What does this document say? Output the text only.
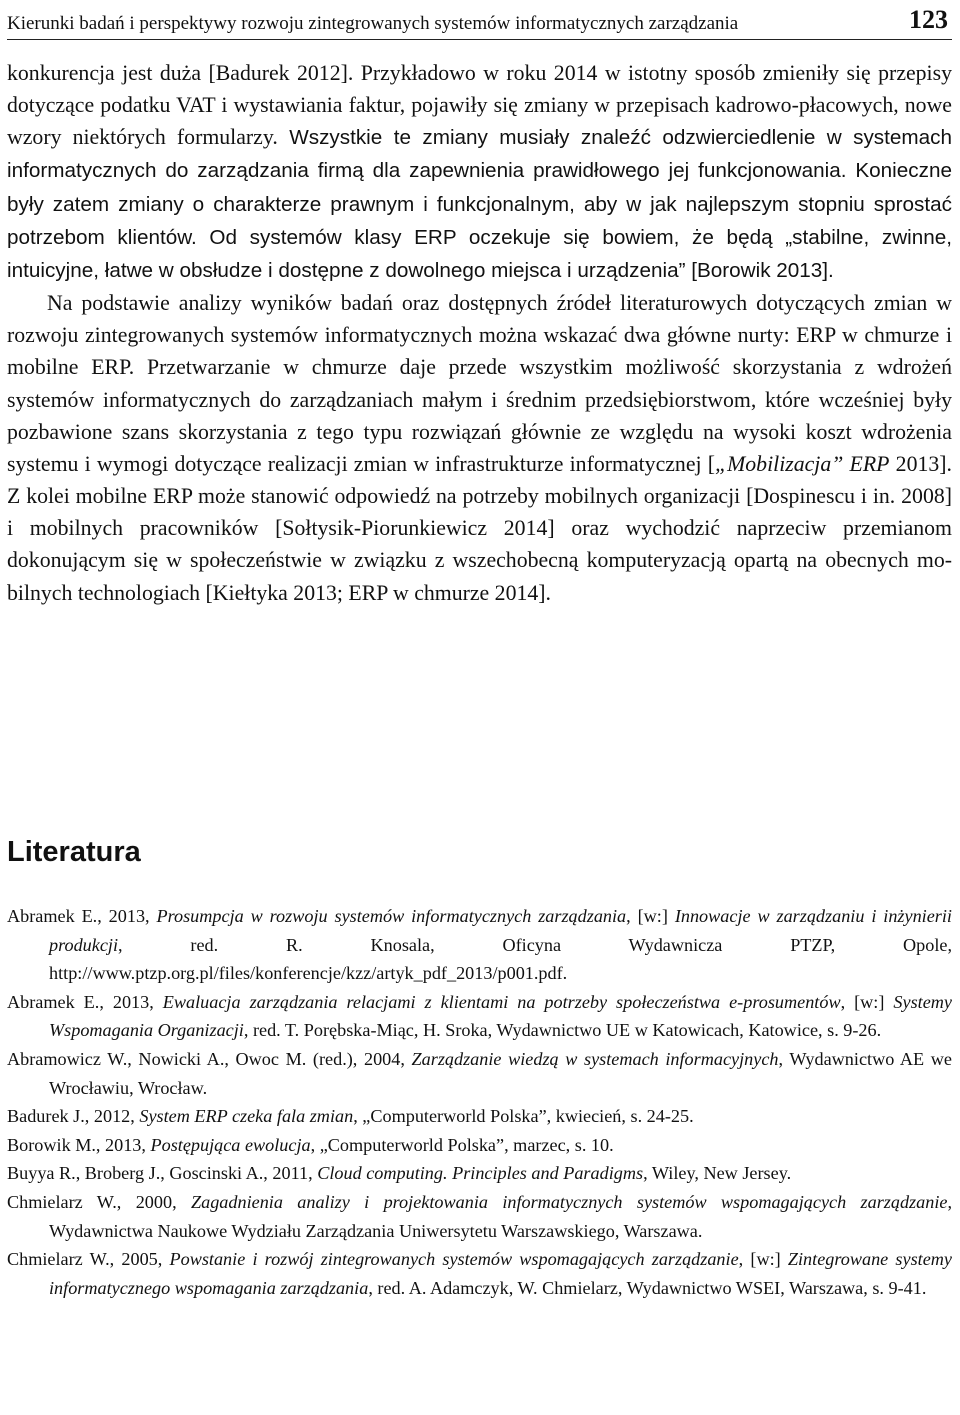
Kierunki badań i perspektywy rozwoju zintegrowanych systemów informatycznych zarządzania	123

konkurencja jest duża [Badurek 2012]. Przykładowo w roku 2014 w istotny sposób zmieniły się przepisy dotyczące podatku VAT i wystawiania faktur, pojawiły się zmiany w przepisach kadrowo-płacowych, nowe wzory niektórych formularzy. Wszystkie te zmiany musiały znaleźć odzwierciedlenie w systemach informatycznych do zarządzania firmą dla zapewnienia prawidłowego jej funkcjonowania. Konieczne były zatem zmiany o charakterze prawnym i funkcjonalnym, aby w jak najlepszym stopniu sprostać potrzebom klientów. Od systemów klasy ERP oczekuje się bowiem, że będą „stabilne, zwinne, intuicyjne, łatwe w obsłudze i dostępne z dowolnego miejsca i urządzenia” [Borowik 2013].

Na podstawie analizy wyników badań oraz dostępnych źródeł literaturowych dotyczących zmian w rozwoju zintegrowanych systemów informatycznych można wskazać dwa główne nurty: ERP w chmurze i mobilne ERP. Przetwarzanie w chmurze daje przede wszystkim możliwość skorzystania z wdrożeń systemów informatycznych do zarządzaniach małym i średnim przedsiębiorstwom, które wcześniej były pozbawione szans skorzystania z tego typu rozwiązań głównie ze względu na wysoki koszt wdrożenia systemu i wymogi dotyczące realizacji zmian w infrastrukturze informatycznej [„Mobilizacja” ERP 2013]. Z kolei mobilne ERP może stanowić odpowiedź na potrzeby mobilnych organizacji [Dospinescu i in. 2008] i mobilnych pracowników [Sołtysik-Piorunkiewicz 2014] oraz wychodzić naprzeciw przemianom dokonującym się w społeczeństwie w związku z wszechobecną komputeryzacją opartą na obecnych mobilnych technologiach [Kiełtyka 2013; ERP w chmurze 2014].

Literatura

Abramek E., 2013, Prosumpcja w rozwoju systemów informatycznych zarządzania, [w:] Innowacje w zarządzaniu i inżynierii produkcji, red. R. Knosala, Oficyna Wydawnicza PTZP, Opole, http://www.ptzp.org.pl/files/konferencje/kzz/artyk_pdf_2013/p001.pdf.

Abramek E., 2013, Ewaluacja zarządzania relacjami z klientami na potrzeby społeczeństwa e-prosumentów, [w:] Systemy Wspomagania Organizacji, red. T. Porębska-Miąc, H. Sroka, Wydawnictwo UE w Katowicach, Katowice, s. 9-26.

Abramowicz W., Nowicki A., Owoc M. (red.), 2004, Zarządzanie wiedzą w systemach informacyjnych, Wydawnictwo AE we Wrocławiu, Wrocław.

Badurek J., 2012, System ERP czeka fala zmian, „Computerworld Polska”, kwiecień, s. 24-25.

Borowik M., 2013, Postępująca ewolucja, „Computerworld Polska”, marzec, s. 10.

Buyya R., Broberg J., Goscinski A., 2011, Cloud computing. Principles and Paradigms, Wiley, New Jersey.

Chmielarz W., 2000, Zagadnienia analizy i projektowania informatycznych systemów wspomagających zarządzanie, Wydawnictwa Naukowe Wydziału Zarządzania Uniwersytetu Warszawskiego, Warszawa.

Chmielarz W., 2005, Powstanie i rozwój zintegrowanych systemów wspomagających zarządzanie, [w:] Zintegrowane systemy informatycznego wspomagania zarządzania, red. A. Adamczyk, W. Chmielarz, Wydawnictwo WSEI, Warszawa, s. 9-41.
